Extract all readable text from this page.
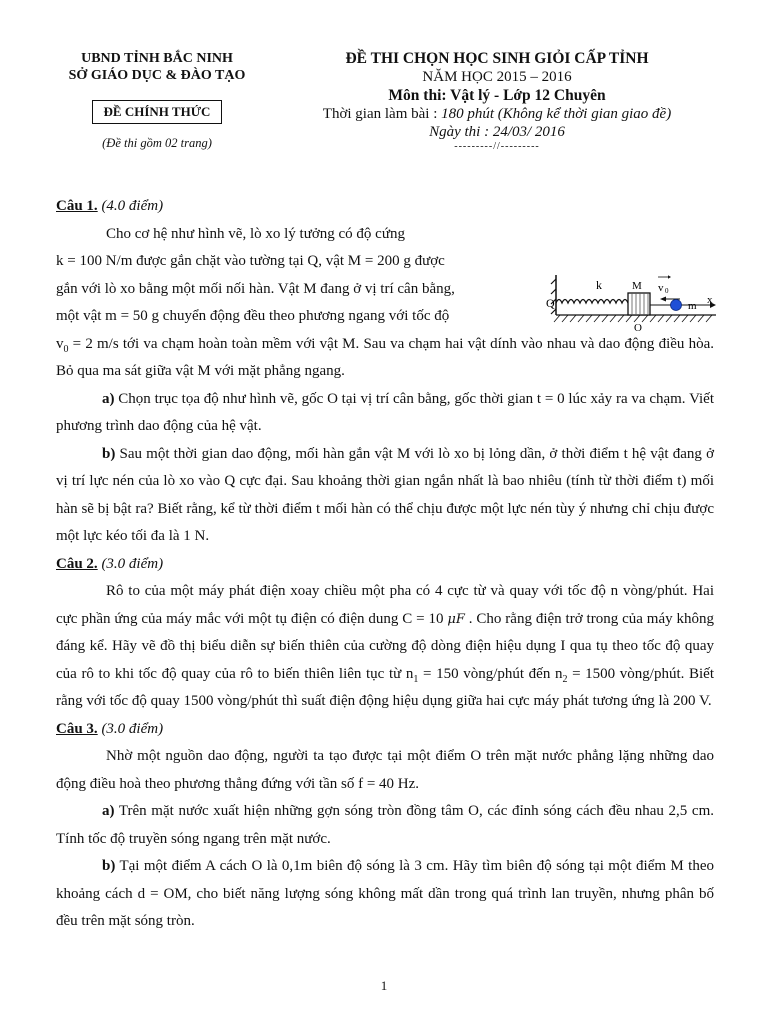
UBND TỈNH BẮC NINH
SỞ GIÁO DỤC & ĐÀO TẠO
ĐỀ CHÍNH THỨC
(Đề thi gồm 02 trang)
ĐỀ THI CHỌN HỌC SINH GIỎI CẤP TỈNH
NĂM HỌC 2015 – 2016
Môn thi: Vật lý - Lớp 12 Chuyên
Thời gian làm bài : 180 phút (Không kể thời gian giao đề)
Ngày thi : 24/03/ 2016
---------//---------
Câu 1. (4.0 điểm)
Cho cơ hệ như hình vẽ, lò xo lý tưởng có độ cứng
k = 100 N/m được gắn chặt vào tường tại Q, vật M = 200 g được
gắn với lò xo bằng một mối nối hàn. Vật M đang ở vị trí cân bằng,
một vật m = 50 g chuyển động đều theo phương ngang với tốc độ
Q
k	M v 0
m x
O
$v_0 = 2$ m/s tới va chạm hoàn toàn mềm với vật M. Sau va chạm hai vật dính vào nhau và dao động điều hòa. Bỏ qua ma sát giữa vật M với mặt phẳng ngang.
a) Chọn trục tọa độ như hình vẽ, gốc O tại vị trí cân bằng, gốc thời gian t = 0 lúc xảy ra va chạm. Viết phương trình dao động của hệ vật.
b) Sau một thời gian dao động, mối hàn gắn vật M với lò xo bị lỏng dần, ở thời điểm t hệ vật đang ở vị trí lực nén của lò xo vào Q cực đại. Sau khoảng thời gian ngắn nhất là bao nhiêu (tính từ thời điểm t) mối hàn sẽ bị bật ra? Biết rằng, kể từ thời điểm t mối hàn có thể chịu được một lực nén tùy ý nhưng chỉ chịu được một lực kéo tối đa là 1 N.
Câu 2. (3.0 điểm)
Rô to của một máy phát điện xoay chiều một pha có 4 cực từ và quay với tốc độ n vòng/phút. Hai cực phần ứng của máy mắc với một tụ điện có điện dung C = 10 μF . Cho rằng điện trở trong của máy không đáng kể. Hãy vẽ đồ thị biểu diễn sự biến thiên của cường độ dòng điện hiệu dụng I qua tụ theo tốc độ quay của rô to khi tốc độ quay của rô to biến thiên liên tục từ $n_1 = 150$ vòng/phút đến $n_2 = 1500$ vòng/phút. Biết rằng với tốc độ quay 1500 vòng/phút thì suất điện động hiệu dụng giữa hai cực máy phát tương ứng là 200 V.
Câu 3. (3.0 điểm)
Nhờ một nguồn dao động, người ta tạo được tại một điểm O trên mặt nước phẳng lặng những dao động điều hoà theo phương thẳng đứng với tần số f = 40 Hz.
a) Trên mặt nước xuất hiện những gợn sóng tròn đồng tâm O, các đỉnh sóng cách đều nhau 2,5 cm. Tính tốc độ truyền sóng ngang trên mặt nước.
b) Tại một điểm A cách O là 0,1m biên độ sóng là 3 cm. Hãy tìm biên độ sóng tại một điểm M theo khoảng cách d = OM, cho biết năng lượng sóng không mất dần trong quá trình lan truyền, nhưng phân bố đều trên mặt sóng tròn.
1
